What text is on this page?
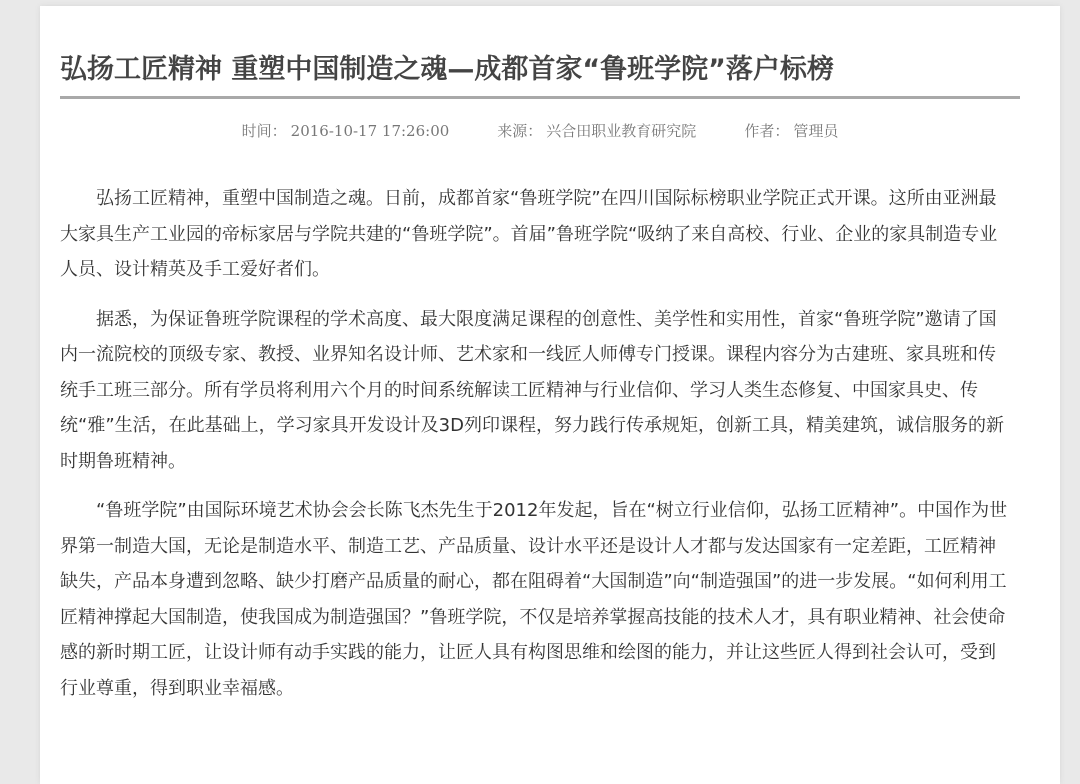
弘扬工匠精神 重塑中国制造之魂—成都首家“鲁班学院”落户标榜
时间： 2016-10-17 17:26:00	来源： 兴合田职业教育研究院	作者： 管理员

弘扬工匠精神，重塑中国制造之魂。日前，成都首家“鲁班学院”在四川国际标榜职业学院正式开课。这所由亚洲最大家具生产工业园的帝标家居与学院共建的“鲁班学院”。首届”鲁班学院“吸纳了来自高校、行业、企业的家具制造专业人员、设计精英及手工爱好者们。

据悉，为保证鲁班学院课程的学术高度、最大限度满足课程的创意性、美学性和实用性，首家“鲁班学院”邀请了国内一流院校的顶级专家、教授、业界知名设计师、艺术家和一线匠人师傅专门授课。课程内容分为古建班、家具班和传统手工班三部分。所有学员将利用六个月的时间系统解读工匠精神与行业信仰、学习人类生态修复、中国家具史、传统“雅”生活，在此基础上，学习家具开发设计及3D列印课程，努力践行传承规矩，创新工具，精美建筑，诚信服务的新时期鲁班精神。

“鲁班学院”由国际环境艺术协会会长陈飞杰先生于2012年发起，旨在“树立行业信仰，弘扬工匠精神”。中国作为世界第一制造大国，无论是制造水平、制造工艺、产品质量、设计水平还是设计人才都与发达国家有一定差距，工匠精神缺失，产品本身遭到忽略、缺少打磨产品质量的耐心，都在阻碍着“大国制造”向“制造强国”的进一步发展。“如何利用工匠精神撑起大国制造，使我国成为制造强国？”鲁班学院，不仅是培养掌握高技能的技术人才，具有职业精神、社会使命感的新时期工匠，让设计师有动手实践的能力，让匠人具有构图思维和绘图的能力，并让这些匠人得到社会认可，受到行业尊重，得到职业幸福感。
